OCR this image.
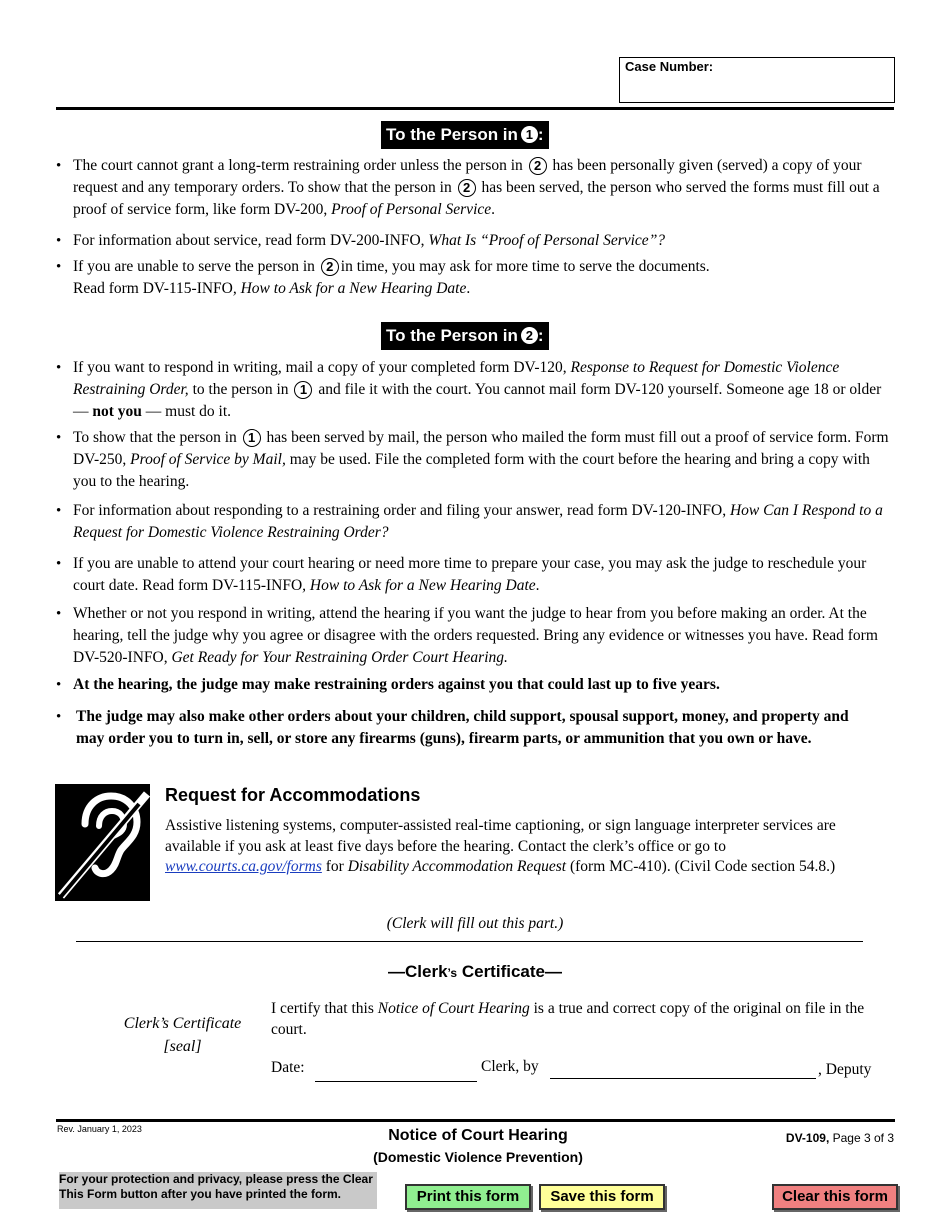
Case Number:
To the Person in 1 :
• The court cannot grant a long-term restraining order unless the person in 2 has been personally given (served) a copy of your request and any temporary orders. To show that the person in 2 has been served, the person who served the forms must fill out a proof of service form, like form DV-200, Proof of Personal Service.
• For information about service, read form DV-200-INFO, What Is “Proof of Personal Service”?
• If you are unable to serve the person in 2 in time, you may ask for more time to serve the documents.
Read form DV-115-INFO, How to Ask for a New Hearing Date.
To the Person in 2 :
• If you want to respond in writing, mail a copy of your completed form DV-120, Response to Request for Domestic Violence Restraining Order, to the person in 1 and file it with the court. You cannot mail form DV-120 yourself. Someone age 18 or older — not you — must do it.
• To show that the person in 1 has been served by mail, the person who mailed the form must fill out a proof of service form. Form DV-250, Proof of Service by Mail, may be used. File the completed form with the court before the hearing and bring a copy with you to the hearing.
• For information about responding to a restraining order and filing your answer, read form DV-120-INFO, How Can I Respond to a Request for Domestic Violence Restraining Order?
• If you are unable to attend your court hearing or need more time to prepare your case, you may ask the judge to reschedule your court date. Read form DV-115-INFO, How to Ask for a New Hearing Date.
• Whether or not you respond in writing, attend the hearing if you want the judge to hear from you before making an order. At the hearing, tell the judge why you agree or disagree with the orders requested. Bring any evidence or witnesses you have. Read form DV-520-INFO, Get Ready for Your Restraining Order Court Hearing.
• At the hearing, the judge may make restraining orders against you that could last up to five years.
• The judge may also make other orders about your children, child support, spousal support, money, and property and may order you to turn in, sell, or store any firearms (guns), firearm parts, or ammunition that you own or have.
Request for Accommodations
Assistive listening systems, computer-assisted real-time captioning, or sign language interpreter services are available if you ask at least five days before the hearing. Contact the clerk’s office or go to
www.courts.ca.gov/forms for Disability Accommodation Request (form MC-410). (Civil Code section 54.8.)
(Clerk will fill out this part.)
—Clerk’s Certificate—
Clerk’s Certificate
[seal]
I certify that this Notice of Court Hearing is a true and correct copy of the original on file in the court.
Date:	Clerk, by	, Deputy
Rev. January 1, 2023	Notice of Court Hearing
(Domestic Violence Prevention)
DV-109, Page 3 of 3
For your protection and privacy, please press the Clear This Form button after you have printed the form.	Print this form	Save this form	Clear this form
